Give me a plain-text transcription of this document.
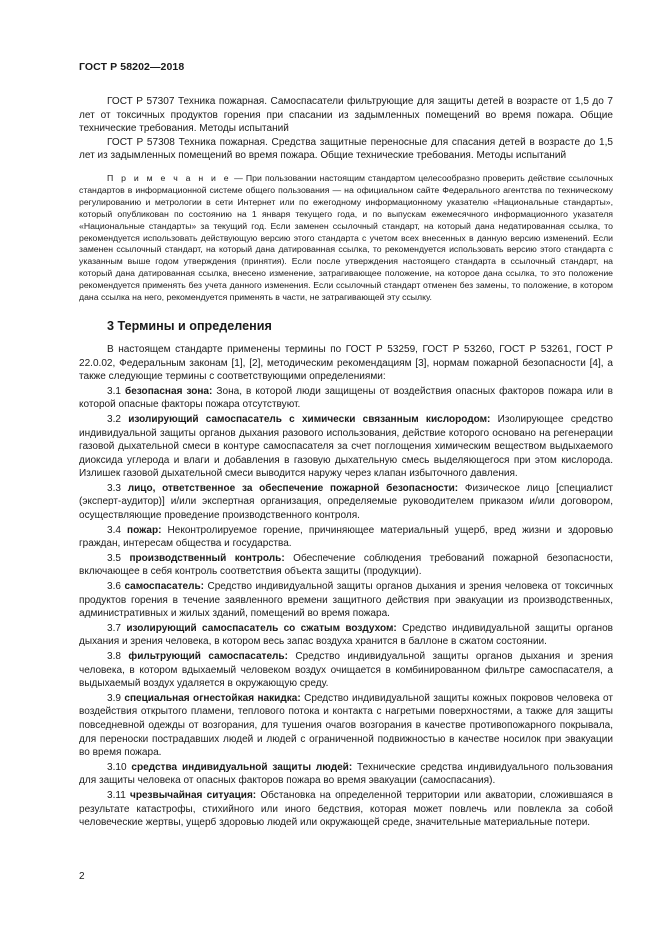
ГОСТ Р 58202—2018

ГОСТ Р 57307 Техника пожарная. Самоспасатели фильтрующие для защиты детей в возрасте от 1,5 до 7 лет от токсичных продуктов горения при спасании из задымленных помещений во время пожара. Общие технические требования. Методы испытаний

ГОСТ Р 57308 Техника пожарная. Средства защитные переносные для спасания детей в возрасте до 1,5 лет из задымленных помещений во время пожара. Общие технические требования. Методы испытаний

П р и м е ч а н и е — При пользовании настоящим стандартом целесообразно проверить действие ссылочных стандартов в информационной системе общего пользования — на официальном сайте Федерального агентства по техническому регулированию и метрологии в сети Интернет или по ежегодному информационному указателю «Национальные стандарты», который опубликован по состоянию на 1 января текущего года, и по выпускам ежемесячного информационного указателя «Национальные стандарты» за текущий год. Если заменен ссылочный стандарт, на который дана недатированная ссылка, то рекомендуется использовать действующую версию этого стандарта с учетом всех внесенных в данную версию изменений. Если заменен ссылочный стандарт, на который дана датированная ссылка, то рекомендуется использовать версию этого стандарта с указанным выше годом утверждения (принятия). Если после утверждения настоящего стандарта в ссылочный стандарт, на который дана датированная ссылка, внесено изменение, затрагивающее положение, на которое дана ссылка, то это положение рекомендуется применять без учета данного изменения. Если ссылочный стандарт отменен без замены, то положение, в котором дана ссылка на него, рекомендуется применять в части, не затрагивающей эту ссылку.

3 Термины и определения

В настоящем стандарте применены термины по ГОСТ Р 53259, ГОСТ Р 53260, ГОСТ Р 53261, ГОСТ Р 22.0.02, Федеральным законам [1], [2], методическим рекомендациям [3], нормам пожарной безопасности [4], а также следующие термины с соответствующими определениями:

3.1 безопасная зона: Зона, в которой люди защищены от воздействия опасных факторов пожара или в которой опасные факторы пожара отсутствуют.

3.2 изолирующий самоспасатель с химически связанным кислородом: Изолирующее средство индивидуальной защиты органов дыхания разового использования, действие которого основано на регенерации газовой дыхательной смеси в контуре самоспасателя за счет поглощения химическим веществом выдыхаемого диоксида углерода и влаги и добавления в газовую дыхательную смесь выделяющегося при этом кислорода. Излишек газовой дыхательной смеси выводится наружу через клапан избыточного давления.

3.3 лицо, ответственное за обеспечение пожарной безопасности: Физическое лицо [специалист (эксперт-аудитор)] и/или экспертная организация, определяемые руководителем приказом и/или договором, осуществляющие проведение производственного контроля.

3.4 пожар: Неконтролируемое горение, причиняющее материальный ущерб, вред жизни и здоровью граждан, интересам общества и государства.

3.5 производственный контроль: Обеспечение соблюдения требований пожарной безопасности, включающее в себя контроль соответствия объекта защиты (продукции).

3.6 самоспасатель: Средство индивидуальной защиты органов дыхания и зрения человека от токсичных продуктов горения в течение заявленного времени защитного действия при эвакуации из производственных, административных и жилых зданий, помещений во время пожара.

3.7 изолирующий самоспасатель со сжатым воздухом: Средство индивидуальной защиты органов дыхания и зрения человека, в котором весь запас воздуха хранится в баллоне в сжатом состоянии.

3.8 фильтрующий самоспасатель: Средство индивидуальной защиты органов дыхания и зрения человека, в котором вдыхаемый человеком воздух очищается в комбинированном фильтре самоспасателя, а выдыхаемый воздух удаляется в окружающую среду.

3.9 специальная огнестойкая накидка: Средство индивидуальной защиты кожных покровов человека от воздействия открытого пламени, теплового потока и контакта с нагретыми поверхностями, а также для защиты повседневной одежды от возгорания, для тушения очагов возгорания в качестве противопожарного покрывала, для переноски пострадавших людей и людей с ограниченной подвижностью в качестве носилок при эвакуации во время пожара.

3.10 средства индивидуальной защиты людей: Технические средства индивидуального пользования для защиты человека от опасных факторов пожара во время эвакуации (самоспасания).

3.11 чрезвычайная ситуация: Обстановка на определенной территории или акватории, сложившаяся в результате катастрофы, стихийного или иного бедствия, которая может повлечь или повлекла за собой человеческие жертвы, ущерб здоровью людей или окружающей среде, значительные материальные потери.

2
